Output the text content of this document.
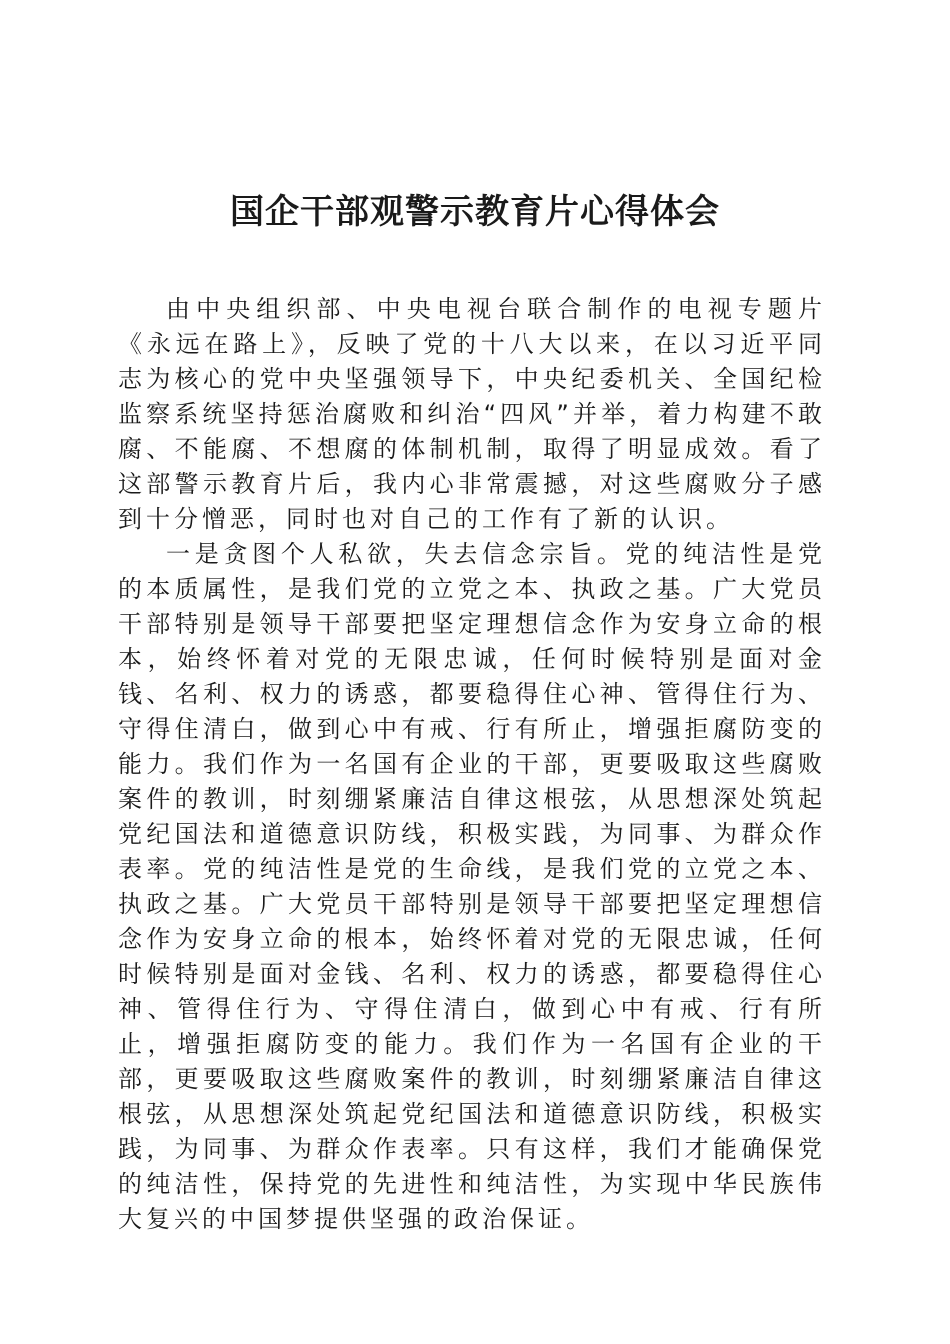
国企干部观警示教育片心得体会

由中央组织部、中央电视台联合制作的电视专题片《永远在路上》，反映了党的十八大以来，在以习近平同志为核心的党中央坚强领导下，中央纪委机关、全国纪检监察系统坚持惩治腐败和纠治“四风”并举，着力构建不敢腐、不能腐、不想腐的体制机制，取得了明显成效。看了这部警示教育片后，我内心非常震撼，对这些腐败分子感到十分憎恶，同时也对自己的工作有了新的认识。

一是贪图个人私欲，失去信念宗旨。党的纯洁性是党的本质属性，是我们党的立党之本、执政之基。广大党员干部特别是领导干部要把坚定理想信念作为安身立命的根本，始终怀着对党的无限忠诚，任何时候特别是面对金钱、名利、权力的诱惑，都要稳得住心神、管得住行为、守得住清白，做到心中有戒、行有所止，增强拒腐防变的能力。我们作为一名国有企业的干部，更要吸取这些腐败案件的教训，时刻绷紧廉洁自律这根弦，从思想深处筑起党纪国法和道德意识防线，积极实践，为同事、为群众作表率。党的纯洁性是党的生命线，是我们党的立党之本、执政之基。广大党员干部特别是领导干部要把坚定理想信念作为安身立命的根本，始终怀着对党的无限忠诚，任何时候特别是面对金钱、名利、权力的诱惑，都要稳得住心神、管得住行为、守得住清白，做到心中有戒、行有所止，增强拒腐防变的能力。我们作为一名国有企业的干部，更要吸取这些腐败案件的教训，时刻绷紧廉洁自律这根弦，从思想深处筑起党纪国法和道德意识防线，积极实践，为同事、为群众作表率。只有这样，我们才能确保党的纯洁性，保持党的先进性和纯洁性，为实现中华民族伟大复兴的中国梦提供坚强的政治保证。
